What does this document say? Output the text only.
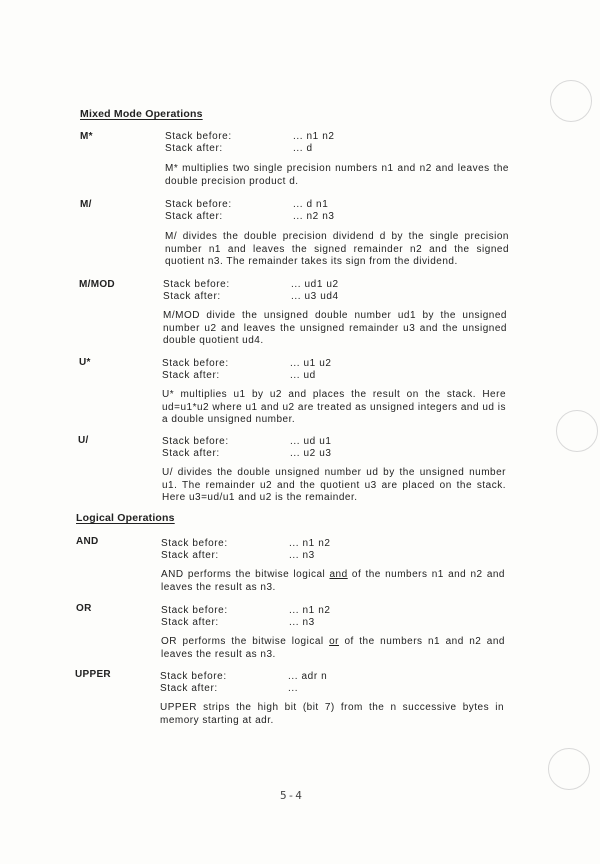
Mixed Mode Operations
M*	Stack before:	... n1 n2
Stack after:	... d
M* multiplies two single precision numbers n1 and n2 and leaves the double precision product d.
M/	Stack before:	... d n1
Stack after:	... n2 n3
M/ divides the double precision dividend d by the single precision number n1 and leaves the signed remainder n2 and the signed quotient n3. The remainder takes its sign from the dividend.
M/MOD	Stack before:	... ud1 u2
Stack after:	... u3 ud4
M/MOD divide the unsigned double number ud1 by the unsigned number u2 and leaves the unsigned remainder u3 and the unsigned double quotient ud4.
U*	Stack before:	... u1 u2
Stack after:	... ud
U* multiplies u1 by u2 and places the result on the stack. Here ud=u1*u2 where u1 and u2 are treated as unsigned integers and ud is a double unsigned number.
U/	Stack before:	... ud u1
Stack after:	... u2 u3
U/ divides the double unsigned number ud by the unsigned number u1. The remainder u2 and the quotient u3 are placed on the stack. Here u3=ud/u1 and u2 is the remainder.
Logical Operations
AND	Stack before:	... n1 n2
Stack after:	... n3
AND performs the bitwise logical and of the numbers n1 and n2 and leaves the result as n3.
OR	Stack before:	... n1 n2
Stack after:	... n3
OR performs the bitwise logical or of the numbers n1 and n2 and leaves the result as n3.
UPPER	Stack before:	... adr n
Stack after:	...
UPPER strips the high bit (bit 7) from the n successive bytes in memory starting at adr.
5-4
